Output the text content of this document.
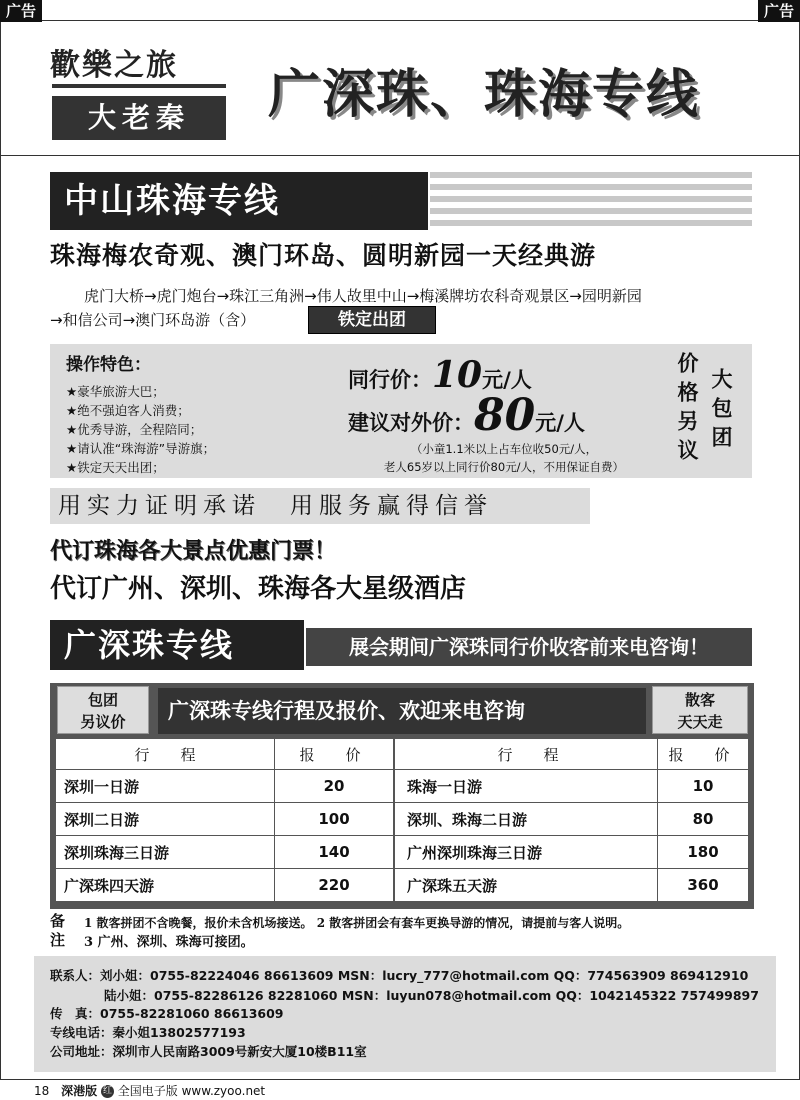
广告	广告
歡樂之旅
大老秦	广深珠、珠海专线
中山珠海专线
珠海梅农奇观、澳门环岛、圆明新园一天经典游
虎门大桥→虎门炮台→珠江三角洲→伟人故里中山→梅溪牌坊农科奇观景区→园明新园
→和信公司→澳门环岛游（含）	铁定出团
操作特色：
★豪华旅游大巴；
★绝不强迫客人消费；
★优秀导游，全程陪同；
★请认准“珠海游”导游旗；
★铁定天天出团；
同行价：10元/人
建议对外价：80元/人
（小童1.1米以上占车位收50元/人，
老人65岁以上同行价80元/人，不用保证自费）	价格另议 大包团
用实力证明承诺　用服务赢得信誉
代订珠海各大景点优惠门票！
代订广州、深圳、珠海各大星级酒店
广深珠专线	展会期间广深珠同行价收客前来电咨询！
包团
另议价	广深珠专线行程及报价、欢迎来电咨询	散客
天天走
行　程	报　价	行　程	报　价
深圳一日游	20	珠海一日游	10
深圳二日游	100	深圳、珠海二日游	80
深圳珠海三日游	140	广州深圳珠海三日游	180
广深珠四天游	220	广深珠五天游	360
备
注
1 散客拼团不含晚餐，报价未含机场接送。 2 散客拼团会有套车更换导游的情况，请提前与客人说明。
3 广州、深圳、珠海可接团。
联系人：刘小姐：0755-82224046 86613609 MSN：lucry_777@hotmail.com QQ：774563909 869412910
陆小姐：0755-82286126 82281060 MSN：luyun078@hotmail.com QQ：1042145322 757499897
传　真：0755-82281060 86613609
专线电话：秦小姐13802577193
公司地址：深圳市人民南路3009号新安大厦10楼B11室
18 深港版 红 全国电子版 www.zyoo.net
